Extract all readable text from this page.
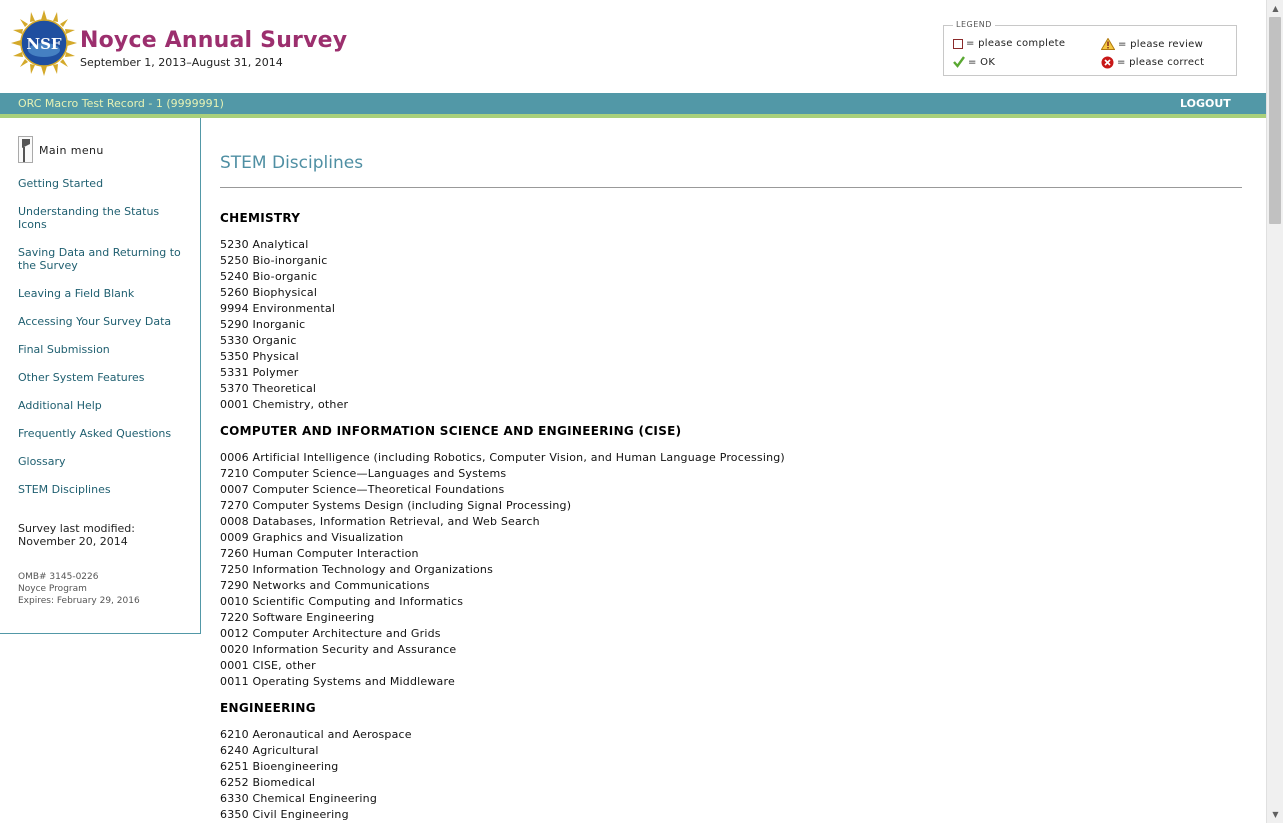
NSF Noyce Annual Survey
September 1, 2013–August 31, 2014
LEGEND
= please complete	= please review
= OK	= please correct
ORC Macro Test Record - 1 (9999991)	LOGOUT
Main menu
Getting Started
Understanding the Status Icons
Saving Data and Returning to the Survey
Leaving a Field Blank
Accessing Your Survey Data
Final Submission
Other System Features
Additional Help
Frequently Asked Questions
Glossary
STEM Disciplines
Survey last modified:
November 20, 2014
OMB# 3145-0226
Noyce Program
Expires: February 29, 2016
STEM Disciplines
CHEMISTRY
5230 Analytical
5250 Bio-inorganic
5240 Bio-organic
5260 Biophysical
9994 Environmental
5290 Inorganic
5330 Organic
5350 Physical
5331 Polymer
5370 Theoretical
0001 Chemistry, other
COMPUTER AND INFORMATION SCIENCE AND ENGINEERING (CISE)
0006 Artificial Intelligence (including Robotics, Computer Vision, and Human Language Processing)
7210 Computer Science—Languages and Systems
0007 Computer Science—Theoretical Foundations
7270 Computer Systems Design (including Signal Processing)
0008 Databases, Information Retrieval, and Web Search
0009 Graphics and Visualization
7260 Human Computer Interaction
7250 Information Technology and Organizations
7290 Networks and Communications
0010 Scientific Computing and Informatics
7220 Software Engineering
0012 Computer Architecture and Grids
0020 Information Security and Assurance
0001 CISE, other
0011 Operating Systems and Middleware
ENGINEERING
6210 Aeronautical and Aerospace
6240 Agricultural
6251 Bioengineering
6252 Biomedical
6330 Chemical Engineering
6350 Civil Engineering
▲
▼
